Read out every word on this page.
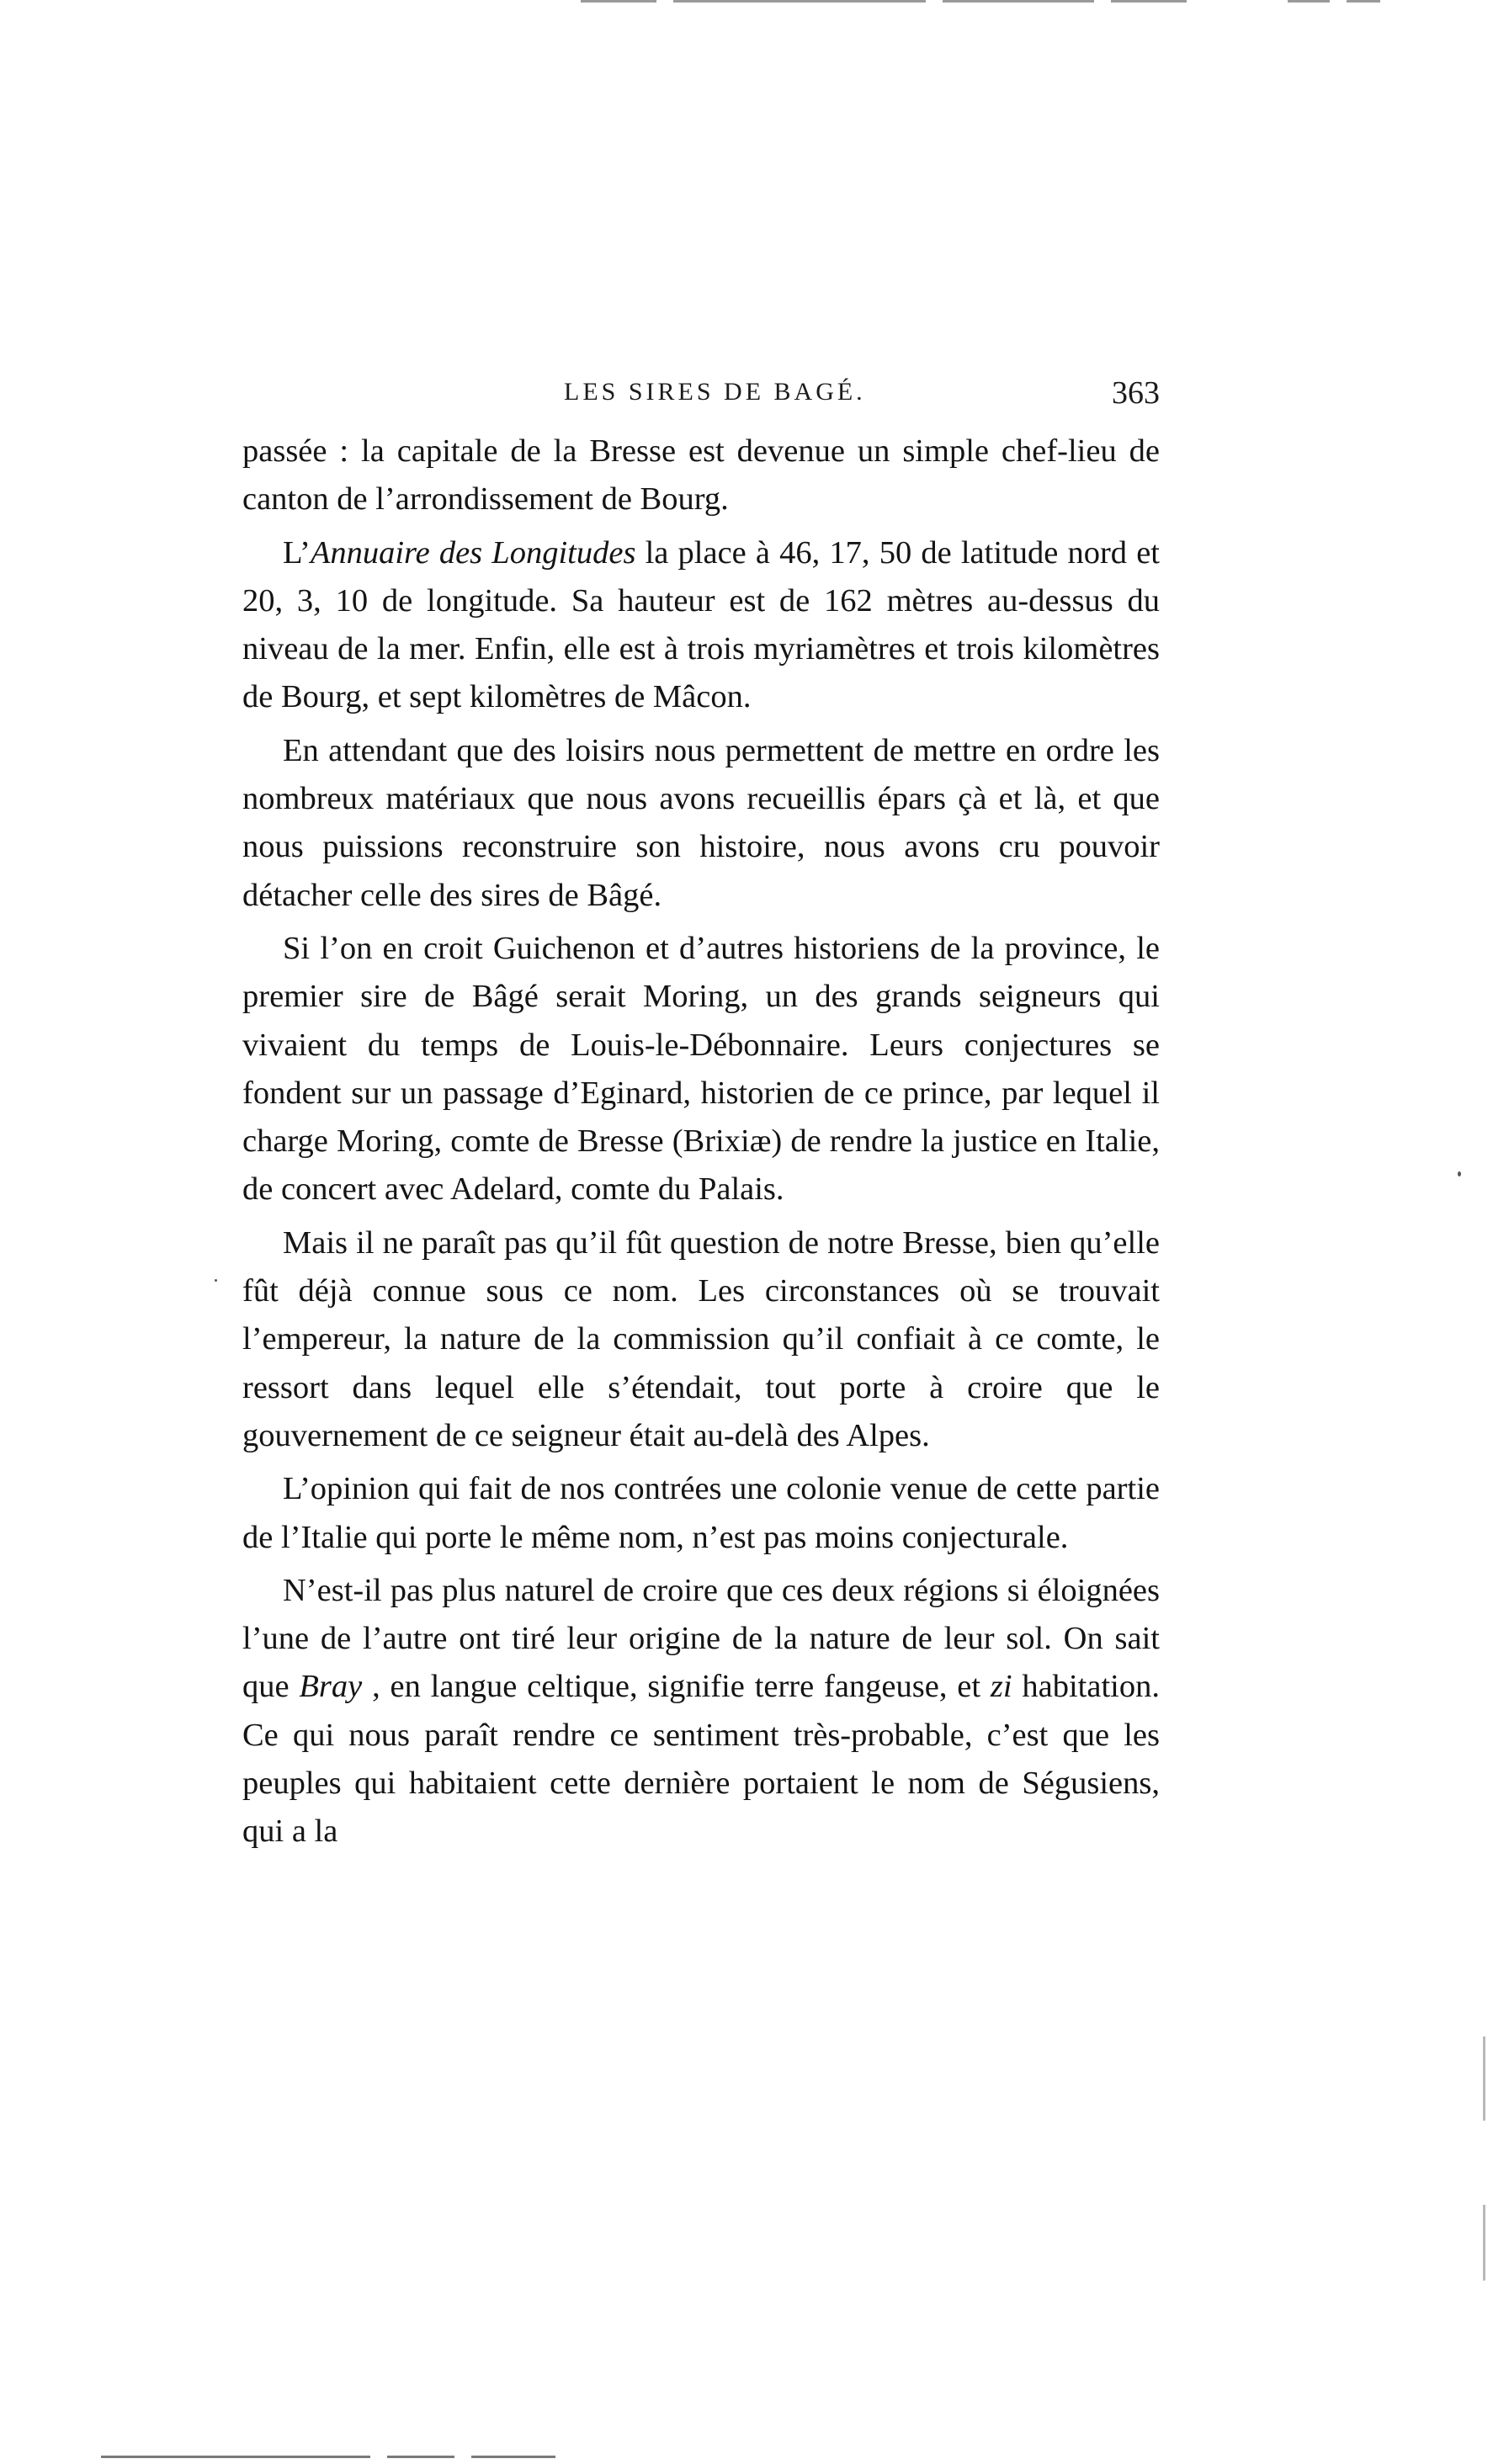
LES SIRES DE BAGÉ.	363

passée : la capitale de la Bresse est devenue un simple chef-lieu de canton de l’arrondissement de Bourg.

L’Annuaire des Longitudes la place à 46, 17, 50 de latitude nord et 20, 3, 10 de longitude. Sa hauteur est de 162 mètres au-dessus du niveau de la mer. Enfin, elle est à trois myriamètres et trois kilomètres de Bourg, et sept kilomètres de Mâcon.

En attendant que des loisirs nous permettent de mettre en ordre les nombreux matériaux que nous avons recueillis épars çà et là, et que nous puissions reconstruire son histoire, nous avons cru pouvoir détacher celle des sires de Bâgé.

Si l’on en croit Guichenon et d’autres historiens de la province, le premier sire de Bâgé serait Moring, un des grands seigneurs qui vivaient du temps de Louis-le-Débonnaire. Leurs conjectures se fondent sur un passage d’Eginard, historien de ce prince, par lequel il charge Moring, comte de Bresse (Brixiæ) de rendre la justice en Italie, de concert avec Adelard, comte du Palais.

Mais il ne paraît pas qu’il fût question de notre Bresse, bien qu’elle fût déjà connue sous ce nom. Les circonstances où se trouvait l’empereur, la nature de la commission qu’il confiait à ce comte, le ressort dans lequel elle s’étendait, tout porte à croire que le gouvernement de ce seigneur était au-delà des Alpes.

L’opinion qui fait de nos contrées une colonie venue de cette partie de l’Italie qui porte le même nom, n’est pas moins conjecturale.

N’est-il pas plus naturel de croire que ces deux régions si éloignées l’une de l’autre ont tiré leur origine de la nature de leur sol. On sait que Bray , en langue celtique, signifie terre fangeuse, et zi habitation. Ce qui nous paraît rendre ce sentiment très-probable, c’est que les peuples qui habitaient cette dernière portaient le nom de Ségusiens, qui a la
